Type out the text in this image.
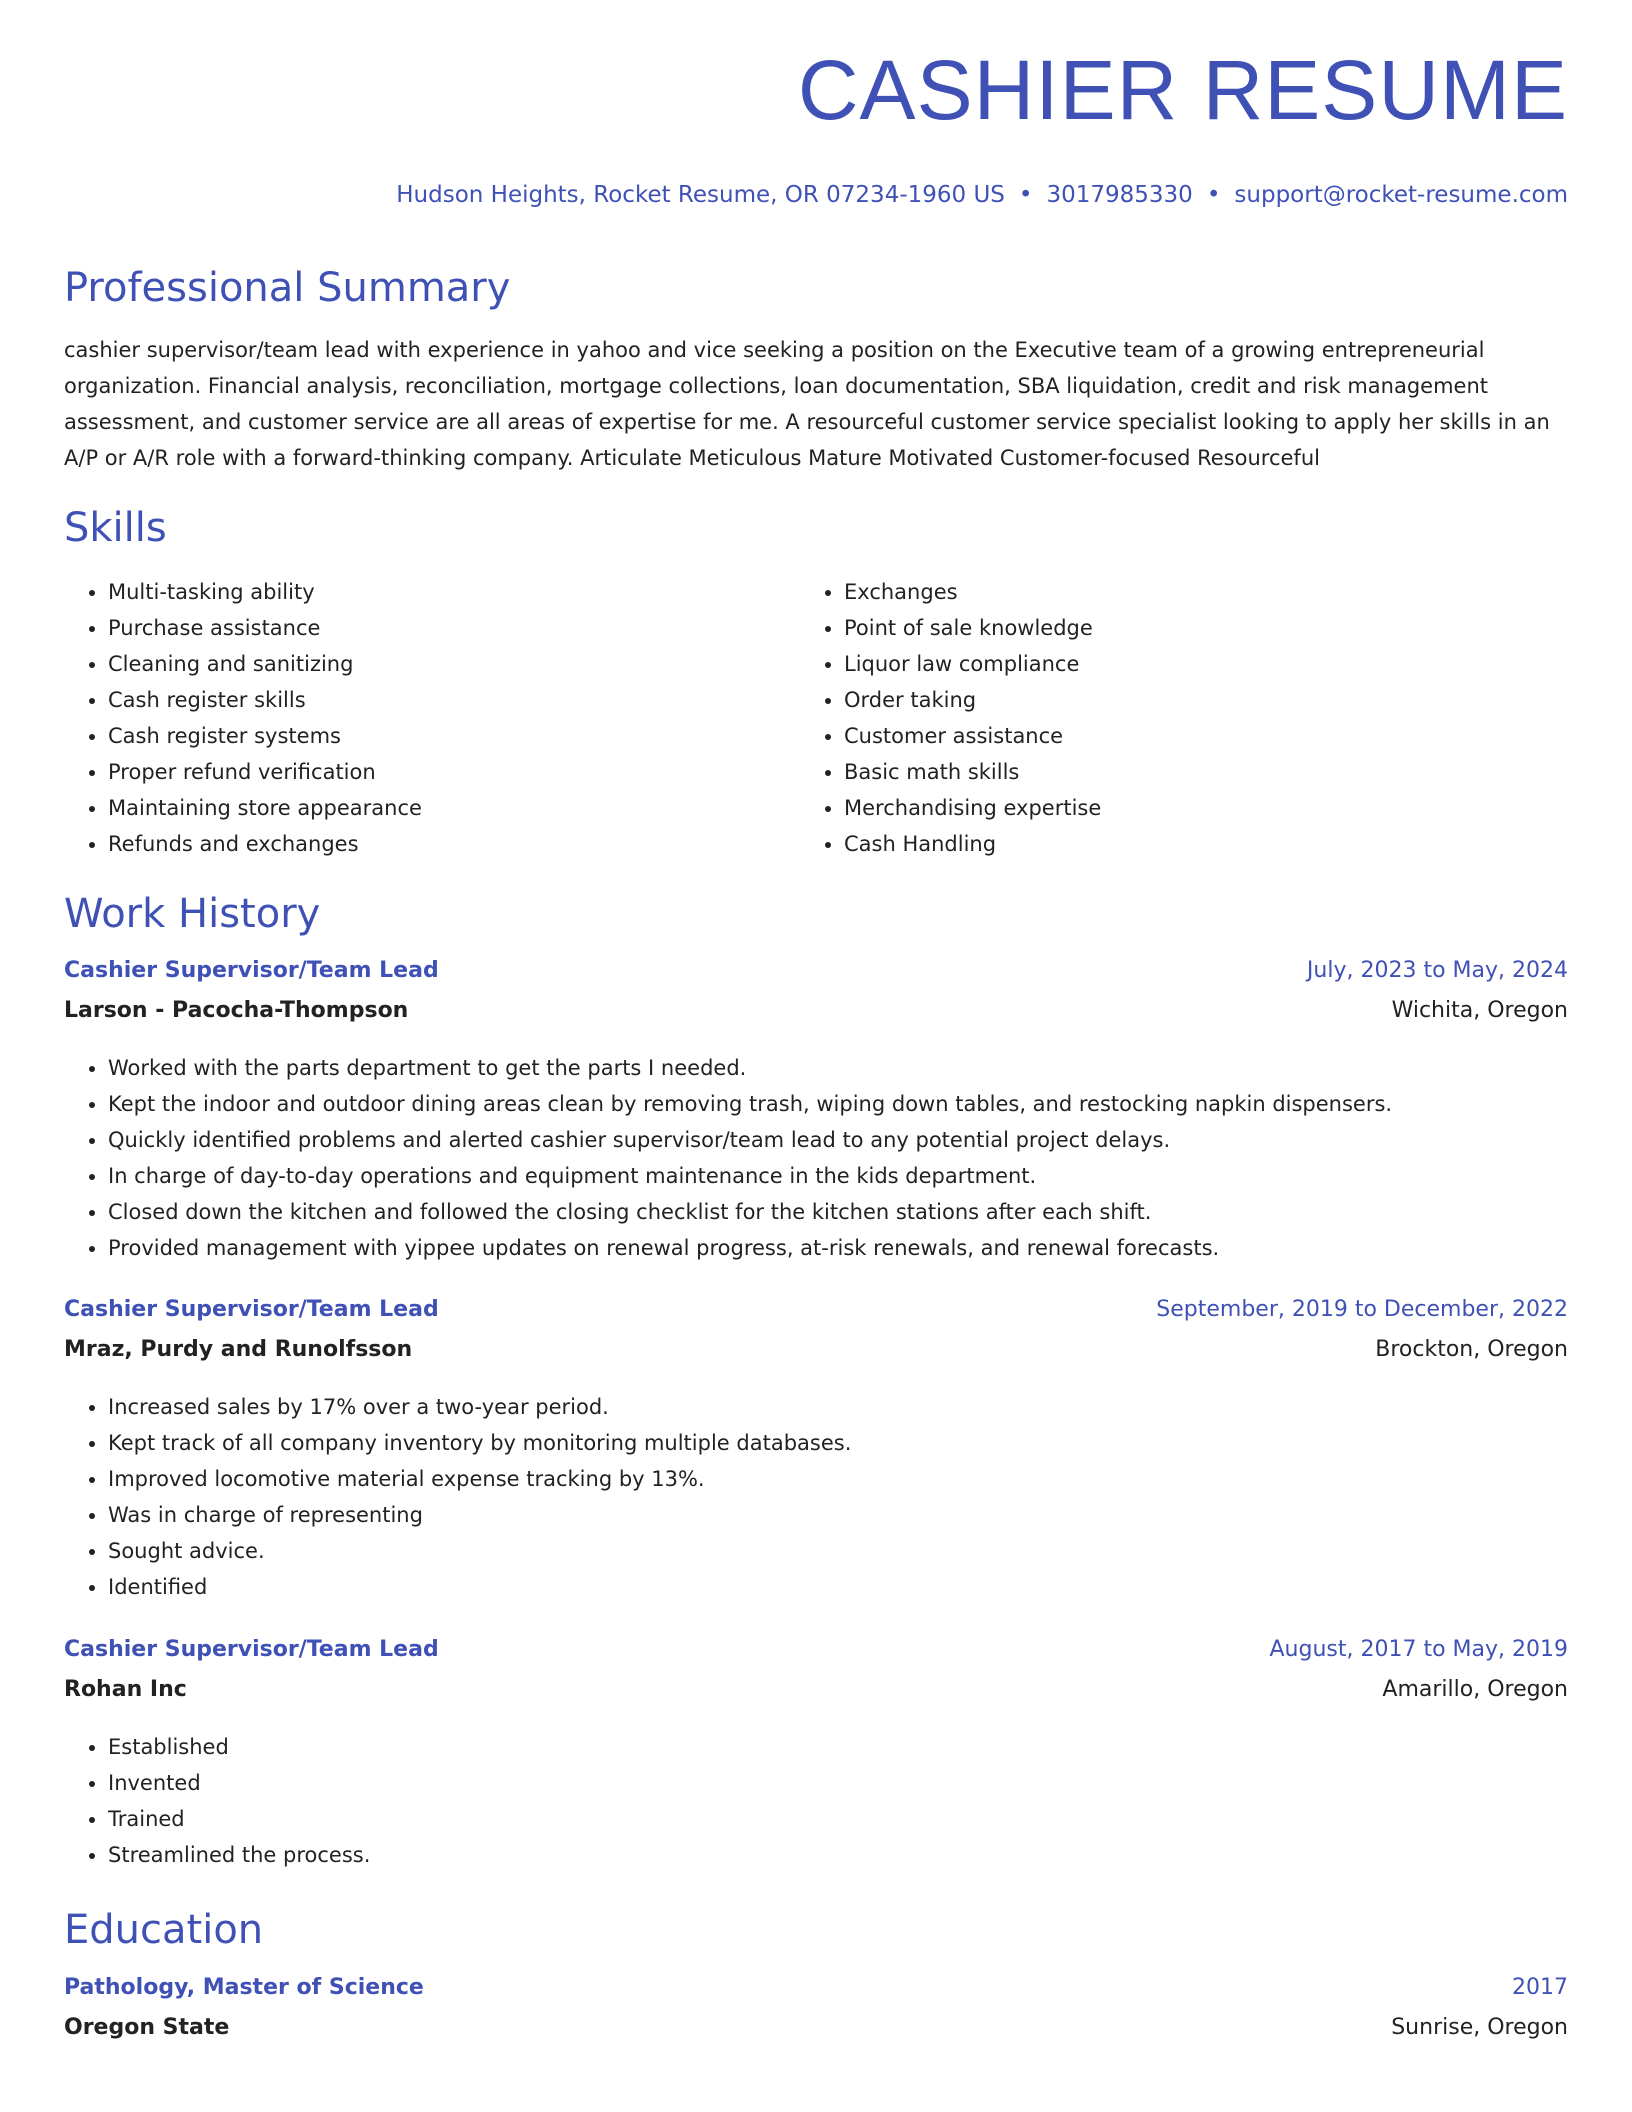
CASHIER RESUME

Hudson Heights, Rocket Resume, OR 07234-1960 US • 3017985330 • support@rocket-resume.com

Professional Summary

cashier supervisor/team lead with experience in yahoo and vice seeking a position on the Executive team of a growing entrepreneurial organization. Financial analysis, reconciliation, mortgage collections, loan documentation, SBA liquidation, credit and risk management assessment, and customer service are all areas of expertise for me. A resourceful customer service specialist looking to apply her skills in an A/P or A/R role with a forward-thinking company. Articulate Meticulous Mature Motivated Customer-focused Resourceful

Skills
• Multi-tasking ability
• Purchase assistance
• Cleaning and sanitizing
• Cash register skills
• Cash register systems
• Proper refund verification
• Maintaining store appearance
• Refunds and exchanges
• Exchanges
• Point of sale knowledge
• Liquor law compliance
• Order taking
• Customer assistance
• Basic math skills
• Merchandising expertise
• Cash Handling
Work History
Cashier Supervisor/Team Lead	July, 2023 to May, 2024
Larson - Pacocha-Thompson	Wichita, Oregon
• Worked with the parts department to get the parts I needed.
• Kept the indoor and outdoor dining areas clean by removing trash, wiping down tables, and restocking napkin dispensers.
• Quickly identified problems and alerted cashier supervisor/team lead to any potential project delays.
• In charge of day-to-day operations and equipment maintenance in the kids department.
• Closed down the kitchen and followed the closing checklist for the kitchen stations after each shift.
• Provided management with yippee updates on renewal progress, at-risk renewals, and renewal forecasts.
Cashier Supervisor/Team Lead	September, 2019 to December, 2022
Mraz, Purdy and Runolfsson	Brockton, Oregon
• Increased sales by 17% over a two-year period.
• Kept track of all company inventory by monitoring multiple databases.
• Improved locomotive material expense tracking by 13%.
• Was in charge of representing
• Sought advice.
• Identified
Cashier Supervisor/Team Lead	August, 2017 to May, 2019
Rohan Inc	Amarillo, Oregon
• Established
• Invented
• Trained
• Streamlined the process.
Education
Pathology, Master of Science	2017
Oregon State	Sunrise, Oregon
